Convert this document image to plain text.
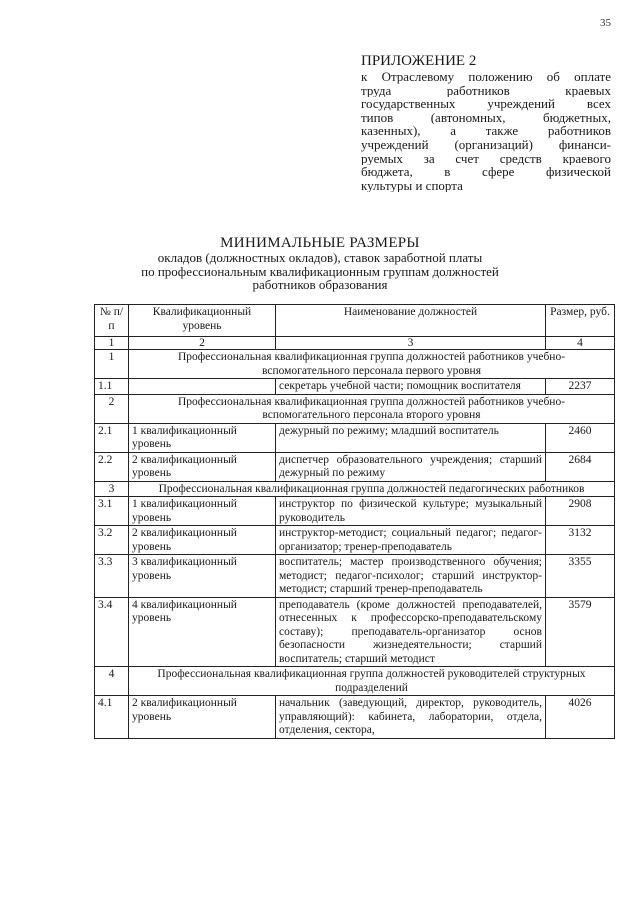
35
ПРИЛОЖЕНИЕ 2
к Отраслевому положению об оплате
труда работников краевых
государственных учреждений всех
типов (автономных, бюджетных,
казенных), а также работников
учреждений (организаций) финанси-
руемых за счет средств краевого
бюджета, в сфере физической
культуры и спорта
МИНИМАЛЬНЫЕ РАЗМЕРЫ
окладов (должностных окладов), ставок заработной платы
по профессиональным квалификационным группам должностей
работников образования
№ п/п	Квалификационный уровень	Наименование должностей	Размер, руб.
1	2	3	4
1	Профессиональная квалификационная группа должностей работников учебно-вспомогательного персонала первого уровня		
1.1		секретарь учебной части; помощник воспитателя	2237
2	Профессиональная квалификационная группа должностей работников учебно-вспомогательного персонала второго уровня		
2.1	1 квалификационный уровень	дежурный по режиму; младший воспитатель	2460
2.2	2 квалификационный уровень	диспетчер образовательного учреждения; старший дежурный по режиму	2684
3	Профессиональная квалификационная группа должностей педагогических работников		
3.1	1 квалификационный уровень	инструктор по физической культуре; музыкальный руководитель	2908
3.2	2 квалификационный уровень	инструктор-методист; социальный педагог; педагог-организатор; тренер-преподаватель	3132
3.3	3 квалификационный уровень	воспитатель; мастер производственного обучения; методист; педагог-психолог; старший инструктор-методист; старший тренер-преподаватель	3355
3.4	4 квалификационный уровень	преподаватель (кроме должностей преподавателей, отнесенных к профессорско-преподавательскому составу); преподаватель-организатор основ безопасности жизнедеятельности; старший воспитатель; старший методист	3579
4	Профессиональная квалификационная группа должностей руководителей структурных подразделений		
4.1	2 квалификационный уровень	начальник (заведующий, директор, руководитель, управляющий): кабинета, лаборатории, отдела, отделения, сектора,	4026
